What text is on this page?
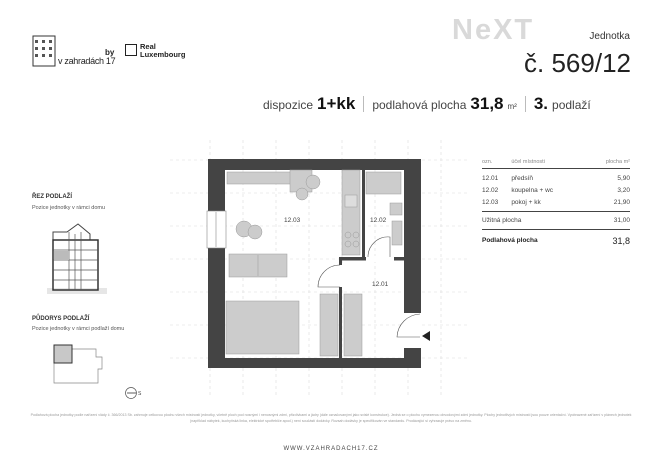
v zahradách 17
by
Real
Luxembourg
NeXT	Jednotka
č. 569/12
dispozice 1+kk podlahová plocha 31,8 m² 3. podlaží
ozn.	účel místnosti	plocha m²
12.01	předsíň	5,90
12.02	koupelna + wc	3,20
12.03	pokoj + kk	21,90
Užitná plocha		31,00
Podlahová plocha		31,8
ŘEZ PODLAŽÍ
Pozice jednotky v rámci domu
PŮDORYS PODLAŽÍ
Pozice jednotky v rámci podlaží domu
S
12.03	12.02
12.01
Podlahová plocha jednotky podle nařízení vlády č. 366/2013 Sb. zahrnuje celkovou plochu všech místností jednotky, včetně ploch pod nosnými i nenosnými zdmi, přizdívkami a jádry (dále označovanými jako svislé konstrukce). Jedná se o plochu vymezenou obvodovými zdmi jednotky. Plochy jednotlivých místností jsou pouze orientační. Vyobrazené zařízení v plánech jednotek (například nábytek, kuchyňská linka, elektrické spotřebiče apod.) není součástí dodávky. Rozsah dodávky je specifikován ve standardu. Prodávající si vyhrazuje právo na změnu.
WWW.VZAHRADACH17.CZ
